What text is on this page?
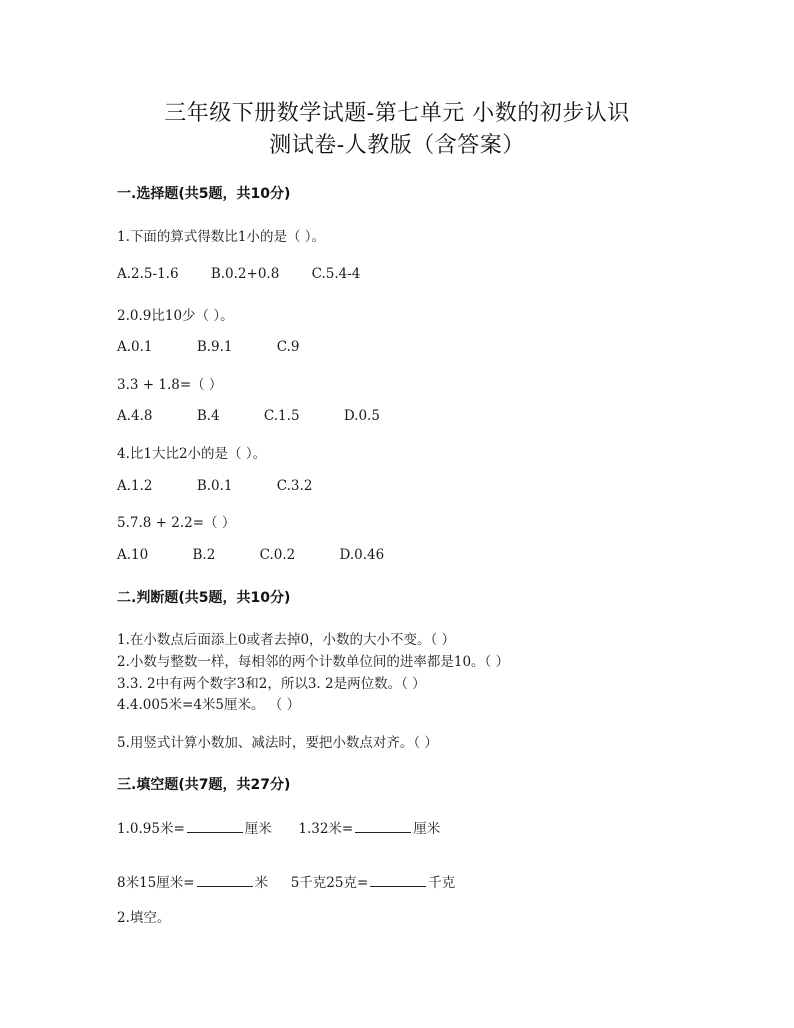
三年级下册数学试题-第七单元 小数的初步认识
测试卷-人教版（含答案）
一.选择题(共5题，共10分)
1.下面的算式得数比1小的是（ ）。
A.2.5-1.6 B.0.2+0.8 C.5.4-4
2.0.9比10少（ ）。
A.0.1	B.9.1	C.9
3.3 + 1.8=（ ）
A.4.8	B.4	C.1.5	D.0.5
4.比1大比2小的是（ ）。
A.1.2	B.0.1	C.3.2
5.7.8 + 2.2=（ ）
A.10	B.2	C.0.2	D.0.46
二.判断题(共5题，共10分)
1.在小数点后面添上0或者去掉0，小数的大小不变。（ ）
2.小数与整数一样，每相邻的两个计数单位间的进率都是10。（ ）
3.3. 2中有两个数字3和2，所以3. 2是两位数。（ ）
4.4.005米=4米5厘米。 （ ）
5.用竖式计算小数加、减法时，要把小数点对齐。（ ）
三.填空题(共7题，共27分)
1.0.95米=	厘米 1.32米=	厘米
8米15厘米=	米 5千克25克=	千克
2.填空。
